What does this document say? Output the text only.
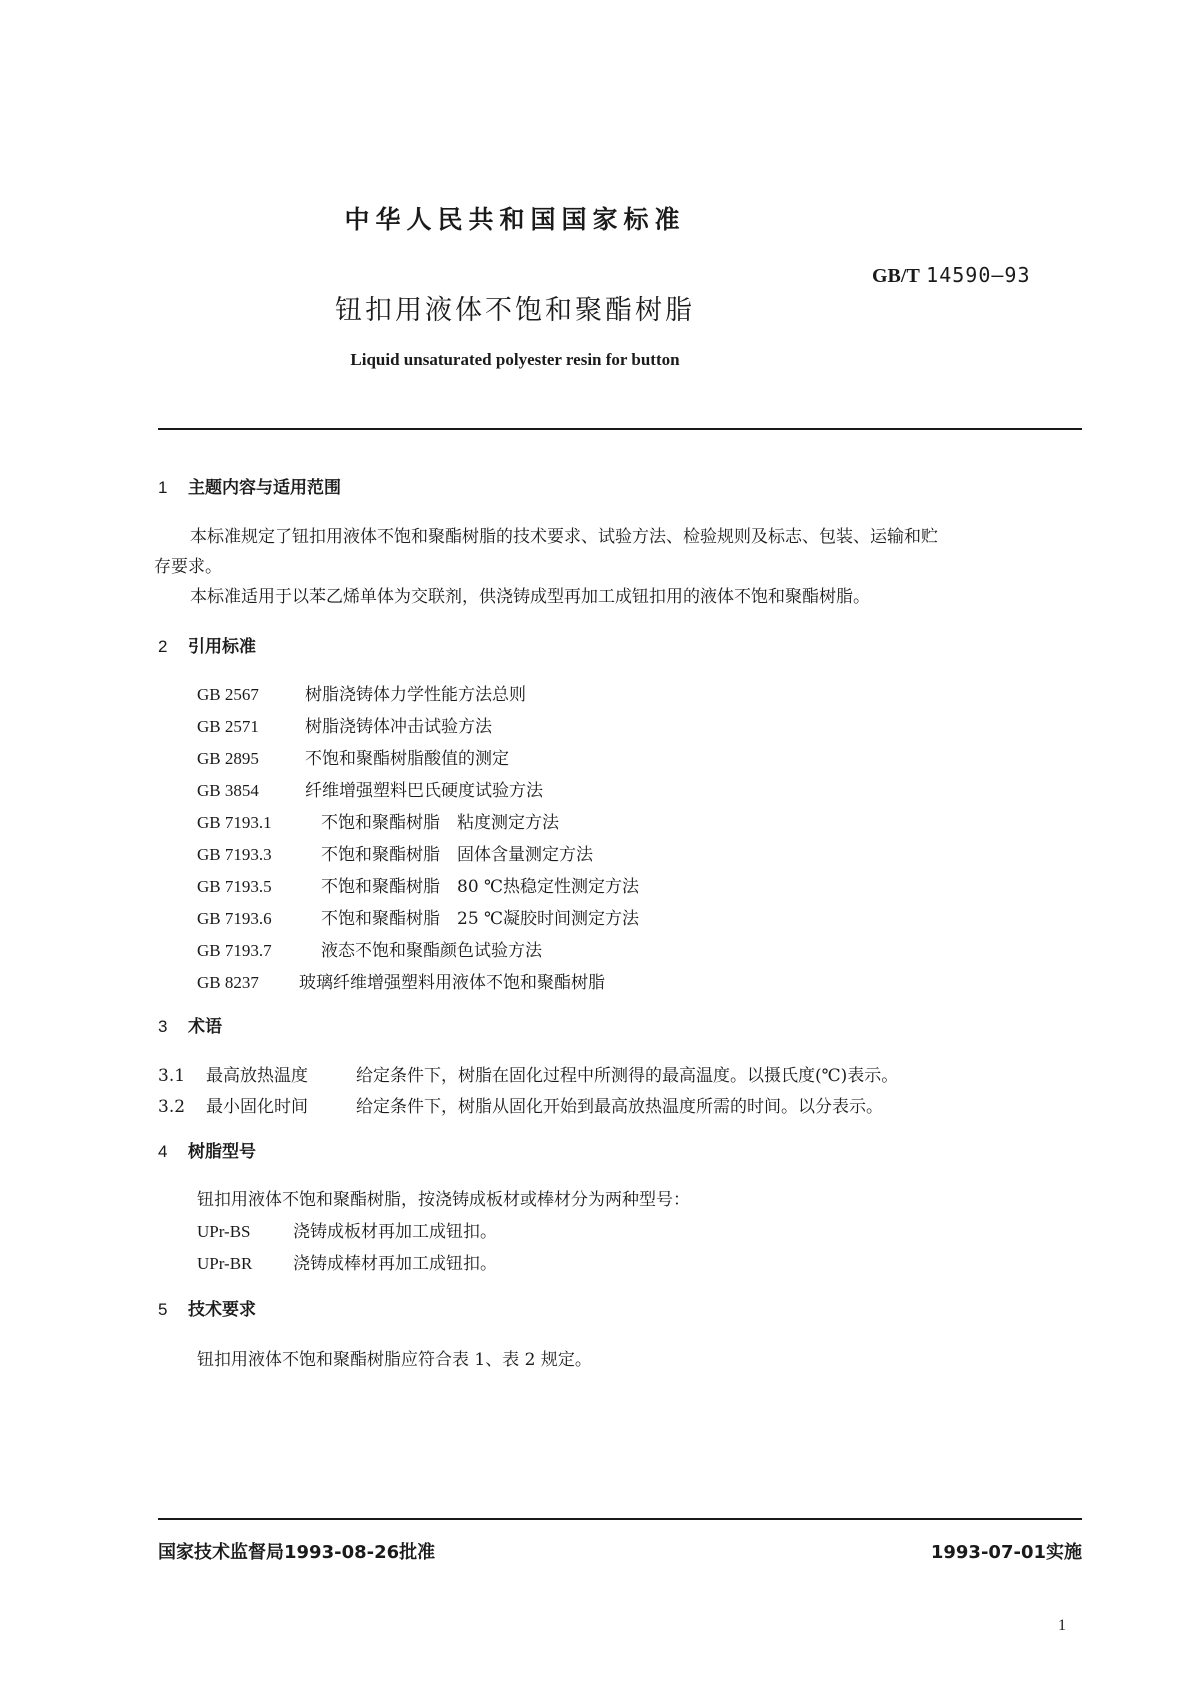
中华人民共和国国家标准
GB/T 14590—93
钮扣用液体不饱和聚酯树脂
Liquid unsaturated polyester resin for button
1 主题内容与适用范围
本标准规定了钮扣用液体不饱和聚酯树脂的技术要求、试验方法、检验规则及标志、包装、运输和贮
存要求。
本标准适用于以苯乙烯单体为交联剂，供浇铸成型再加工成钮扣用的液体不饱和聚酯树脂。
2 引用标准
GB 2567	树脂浇铸体力学性能方法总则
GB 2571	树脂浇铸体冲击试验方法
GB 2895	不饱和聚酯树脂酸值的测定
GB 3854	纤维增强塑料巴氏硬度试验方法
GB 7193.1	不饱和聚酯树脂　粘度测定方法
GB 7193.3	不饱和聚酯树脂　固体含量测定方法
GB 7193.5	不饱和聚酯树脂　80 ℃热稳定性测定方法
GB 7193.6	不饱和聚酯树脂　25 ℃凝胶时间测定方法
GB 7193.7	液态不饱和聚酯颜色试验方法
GB 8237 玻璃纤维增强塑料用液体不饱和聚酯树脂
3 术语
3.1 最高放热温度	给定条件下，树脂在固化过程中所测得的最高温度。以摄氏度(℃)表示。
3.2 最小固化时间	给定条件下，树脂从固化开始到最高放热温度所需的时间。以分表示。
4 树脂型号
钮扣用液体不饱和聚酯树脂，按浇铸成板材或棒材分为两种型号：
UPr-BS 浇铸成板材再加工成钮扣。
UPr-BR 浇铸成棒材再加工成钮扣。
5 技术要求
钮扣用液体不饱和聚酯树脂应符合表 1、表 2 规定。
国家技术监督局1993-08-26批准	1993-07-01实施
1
